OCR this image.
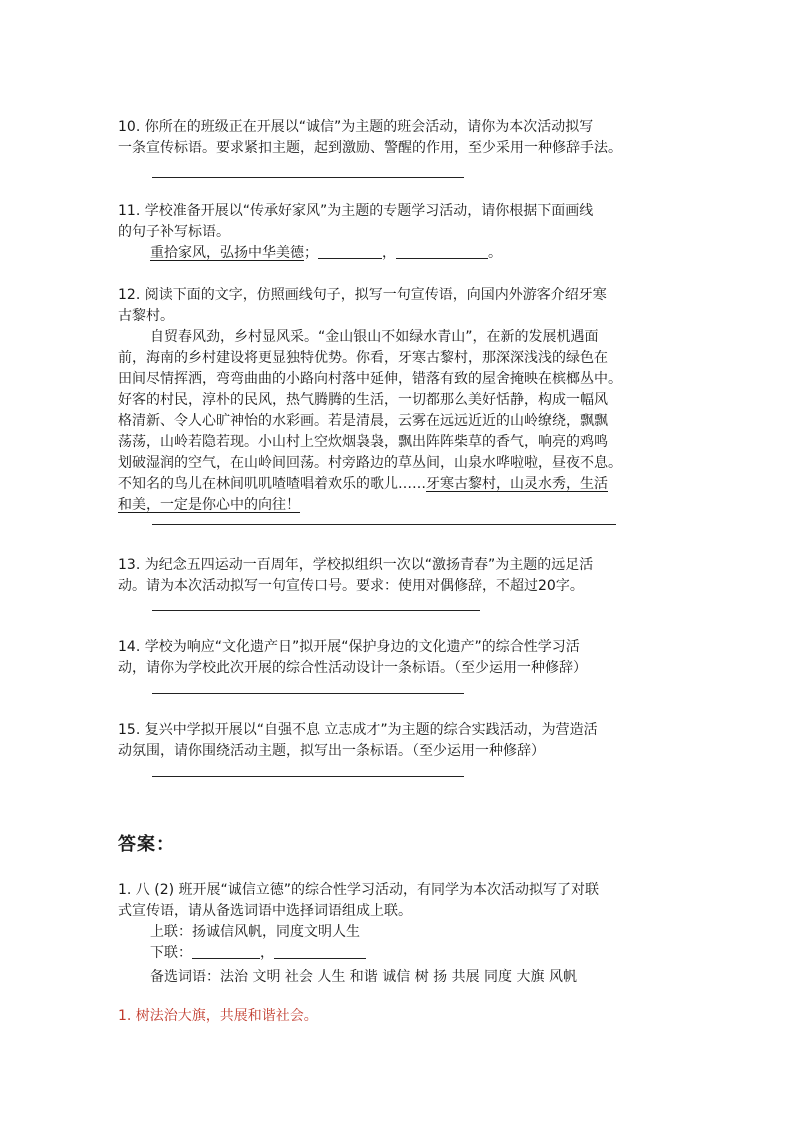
10. 你所在的班级正在开展以“诚信”为主题的班会活动，请你为本次活动拟写
一条宣传标语。要求紧扣主题，起到激励、警醒的作用，至少采用一种修辞手法。
11. 学校准备开展以“传承好家风”为主题的专题学习活动，请你根据下面画线
的句子补写标语。
重拾家风，弘扬中华美德；	，	。
12. 阅读下面的文字，仿照画线句子，拟写一句宣传语，向国内外游客介绍牙寒
古黎村。
自贸春风劲，乡村显风采。“金山银山不如绿水青山”，在新的发展机遇面
前，海南的乡村建设将更显独特优势。你看，牙寒古黎村，那深深浅浅的绿色在
田间尽情挥洒，弯弯曲曲的小路向村落中延伸，错落有致的屋舍掩映在槟榔丛中。
好客的村民，淳朴的民风，热气腾腾的生活，一切都那么美好恬静，构成一幅风
格清新、令人心旷神怡的水彩画。若是清晨，云雾在远远近近的山岭缭绕，飘飘
荡荡，山岭若隐若现。小山村上空炊烟袅袅，飘出阵阵柴草的香气，响亮的鸡鸣
划破湿润的空气，在山岭间回荡。村旁路边的草丛间，山泉水哗啦啦，昼夜不息。
不知名的鸟儿在林间叽叽喳喳唱着欢乐的歌儿……牙寒古黎村，山灵水秀，生活
和美，一定是你心中的向往！
13. 为纪念五四运动一百周年，学校拟组织一次以“激扬青春”为主题的远足活
动。请为本次活动拟写一句宣传口号。要求：使用对偶修辞，不超过20字。
14. 学校为响应“文化遗产日”拟开展“保护身边的文化遗产”的综合性学习活
动，请你为学校此次开展的综合性活动设计一条标语。（至少运用一种修辞）
15. 复兴中学拟开展以“自强不息 立志成才”为主题的综合实践活动，为营造活
动氛围，请你围绕活动主题，拟写出一条标语。（至少运用一种修辞）
答案：
1. 八 (2) 班开展“诚信立德”的综合性学习活动，有同学为本次活动拟写了对联
式宣传语，请从备选词语中选择词语组成上联。
上联：扬诚信风帆，同度文明人生
下联：	，
备选词语：法治 文明 社会 人生 和谐 诚信 树 扬 共展 同度 大旗 风帆
1. 树法治大旗，共展和谐社会。
